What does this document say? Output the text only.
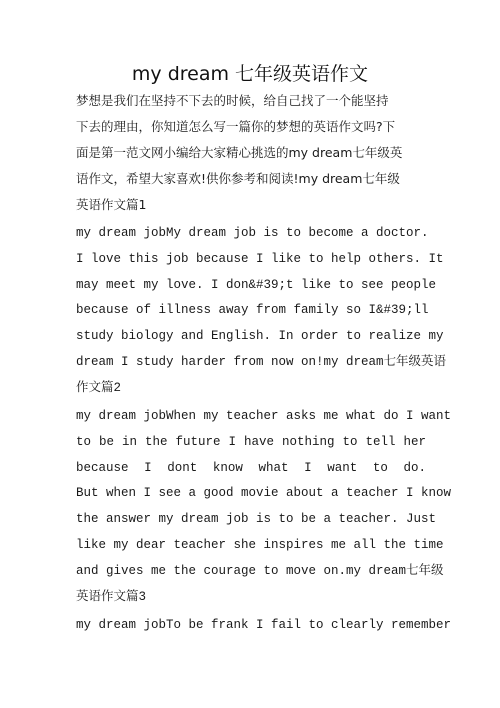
my dream 七年级英语作文

梦想是我们在坚持不下去的时候，给自己找了一个能坚持

下去的理由，你知道怎么写一篇你的梦想的英语作文吗?下

面是第一范文网小编给大家精心挑选的my dream七年级英

语作文，希望大家喜欢!供你参考和阅读!my dream七年级

英语作文篇1

my dream jobMy dream job is to become a doctor.
I love this job because I like to help others. It
may meet my love. I don&#39;t like to see people
because of illness away from family so I&#39;ll
study biology and English. In order to realize my
dream I study harder from now on!my dream七年级英语
作文篇2
my dream jobWhen my teacher asks me what do I want
to be in the future I have nothing to tell her
because I dont know what I want to do.
But when I see a good movie about a teacher I know
the answer my dream job is to be a teacher. Just
like my dear teacher she inspires me all the time
and gives me the courage to move on.my dream七年级
英语作文篇3
my dream jobTo be frank I fail to clearly remember
